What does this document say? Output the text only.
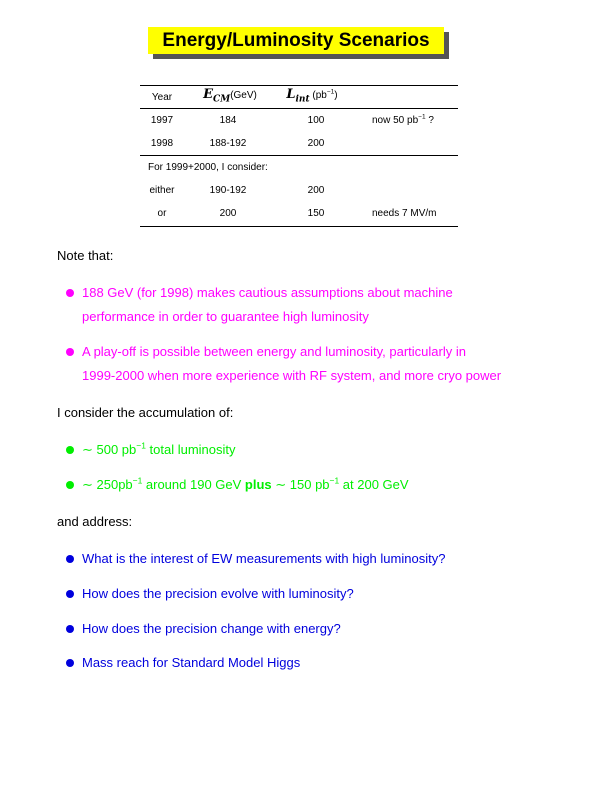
Energy/Luminosity Scenarios
Year $E_{CM}(GeV)$ $L_{int}$ $(pb^{-1})$
1997	184	100	now 50 $pb^{-1}$ ?
1998	188-192	200
For 1999+2000, I consider:
either	190-192	200
or	200	150	needs 7 MV/m
Note that:
188 GeV (for 1998) makes cautious assumptions about machine
performance in order to guarantee high luminosity
A play-off is possible between energy and luminosity, particularly in
1999-2000 when more experience with RF system, and more cryo power
I consider the accumulation of:
∼ 500 $pb^{-1}$ total luminosity
∼ $250pb^{-1}$ around 190 GeV plus ∼ 150 $pb^{-1}$ at 200 GeV
and address:
What is the interest of EW measurements with high luminosity?
How does the precision evolve with luminosity?
How does the precision change with energy?
Mass reach for Standard Model Higgs
